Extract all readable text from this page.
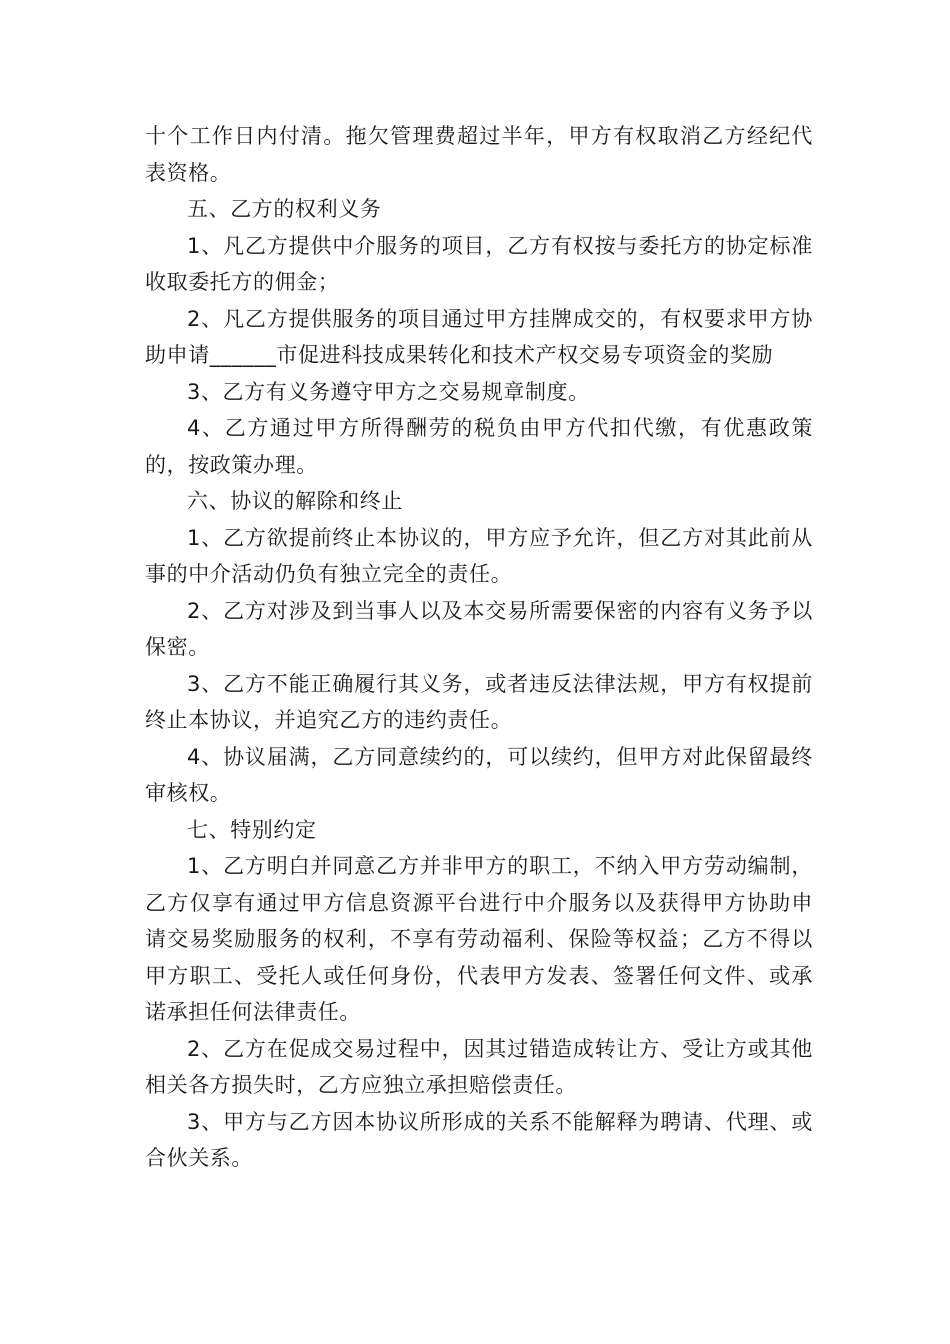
十个工作日内付清。拖欠管理费超过半年，甲方有权取消乙方经纪代表资格。

五、乙方的权利义务

1、凡乙方提供中介服务的项目，乙方有权按与委托方的协定标准收取委托方的佣金；

2、凡乙方提供服务的项目通过甲方挂牌成交的，有权要求甲方协助申请______市促进科技成果转化和技术产权交易专项资金的奖励

3、乙方有义务遵守甲方之交易规章制度。

4、乙方通过甲方所得酬劳的税负由甲方代扣代缴，有优惠政策的，按政策办理。

六、协议的解除和终止

1、乙方欲提前终止本协议的，甲方应予允许，但乙方对其此前从事的中介活动仍负有独立完全的责任。

2、乙方对涉及到当事人以及本交易所需要保密的内容有义务予以保密。

3、乙方不能正确履行其义务，或者违反法律法规，甲方有权提前终止本协议，并追究乙方的违约责任。

4、协议届满，乙方同意续约的，可以续约，但甲方对此保留最终审核权。

七、特别约定

1、乙方明白并同意乙方并非甲方的职工，不纳入甲方劳动编制，乙方仅享有通过甲方信息资源平台进行中介服务以及获得甲方协助申请交易奖励服务的权利，不享有劳动福利、保险等权益；乙方不得以甲方职工、受托人或任何身份，代表甲方发表、签署任何文件、或承诺承担任何法律责任。

2、乙方在促成交易过程中，因其过错造成转让方、受让方或其他相关各方损失时，乙方应独立承担赔偿责任。

3、甲方与乙方因本协议所形成的关系不能解释为聘请、代理、或合伙关系。
